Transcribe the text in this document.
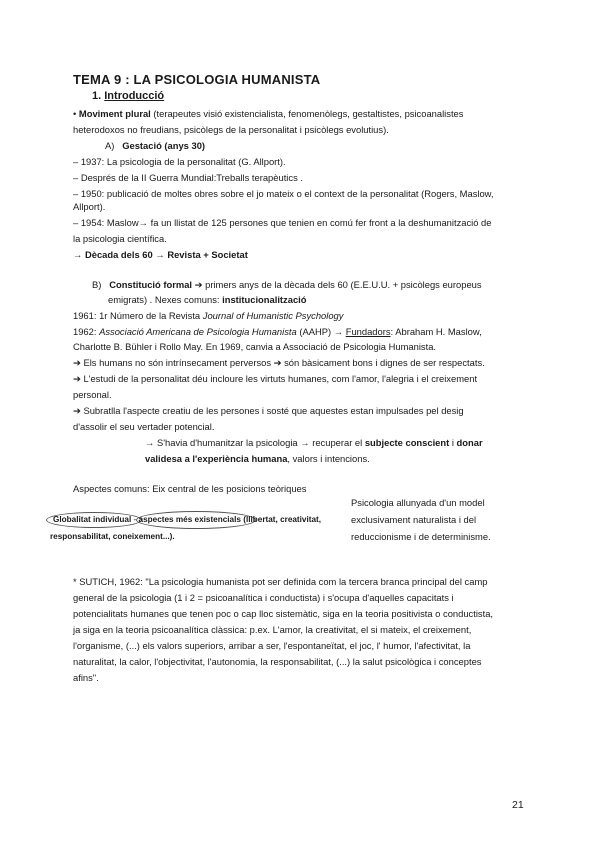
TEMA 9 : LA PSICOLOGIA HUMANISTA
1. Introducció
• Moviment plural (terapeutes visió existencialista, fenomenòlegs, gestaltistes, psicoanalistes
heterodoxos no freudians, psicòlegs de la personalitat i psicòlegs evolutius).
A) Gestació (anys 30)
– 1937: La psicologia de la personalitat (G. Allport).
– Després de la II Guerra Mundial:Treballs terapèutics .
– 1950: publicació de moltes obres sobre el jo mateix o el context de la personalitat (Rogers, Maslow,
Allport).
– 1954: Maslow→ fa un llistat de 125 persones que tenien en comú fer front a la deshumanització de
la psicologia científica.
→ Dècada dels 60 → Revista + Societat
B) Constitució formal ➔ primers anys de la dècada dels 60 (E.E.U.U. + psicòlegs europeus
emigrats) . Nexes comuns: institucionalització
1961: 1r Número de la Revista Journal of Humanistic Psychology
1962: Associació Americana de Psicologia Humanista (AAHP) → Fundadors: Abraham H. Maslow,
Charlotte B. Bühler i Rollo May. En 1969, canvia a Associació de Psicologia Humanista.
➔ Els humans no són intrínsecament perversos ➔ són bàsicament bons i dignes de ser respectats.
➔ L'estudi de la personalitat déu incloure les virtuts humanes, com l'amor, l'alegria i el creixement
personal.
➔ Subratlla l'aspecte creatiu de les persones i sosté que aquestes estan impulsades pel desig
d'assolir el seu vertader potencial.
→ S'havia d'humanitzar la psicologia → recuperar el subjecte conscient i donar
validesa a l'experiència humana, valors i intencions.
Aspectes comuns: Eix central de les posicions teòriques
Globalitat individual - aspectes més existencials (llibertat, creativitat,
responsabilitat, coneixement...).
Psicologia allunyada d'un model
exclusivament naturalista i del
reduccionisme i de determinisme.
* SUTICH, 1962: "La psicologia humanista pot ser definida com la tercera branca principal del camp
general de la psicologia (1 i 2 = psicoanalítica i conductista) i s'ocupa d'aquelles capacitats i
potencialitats humanes que tenen poc o cap lloc sistemàtic, siga en la teoria positivista o conductista,
ja siga en la teoria psicoanalítica clàssica: p.ex. L'amor, la creativitat, el si mateix, el creixement,
l'organisme, (...) els valors superiors, arribar a ser, l'espontaneïtat, el joc, l' humor, l'afectivitat, la
naturalitat, la calor, l'objectivitat, l'autonomia, la responsabilitat, (...) la salut psicològica i conceptes
afins".
21
